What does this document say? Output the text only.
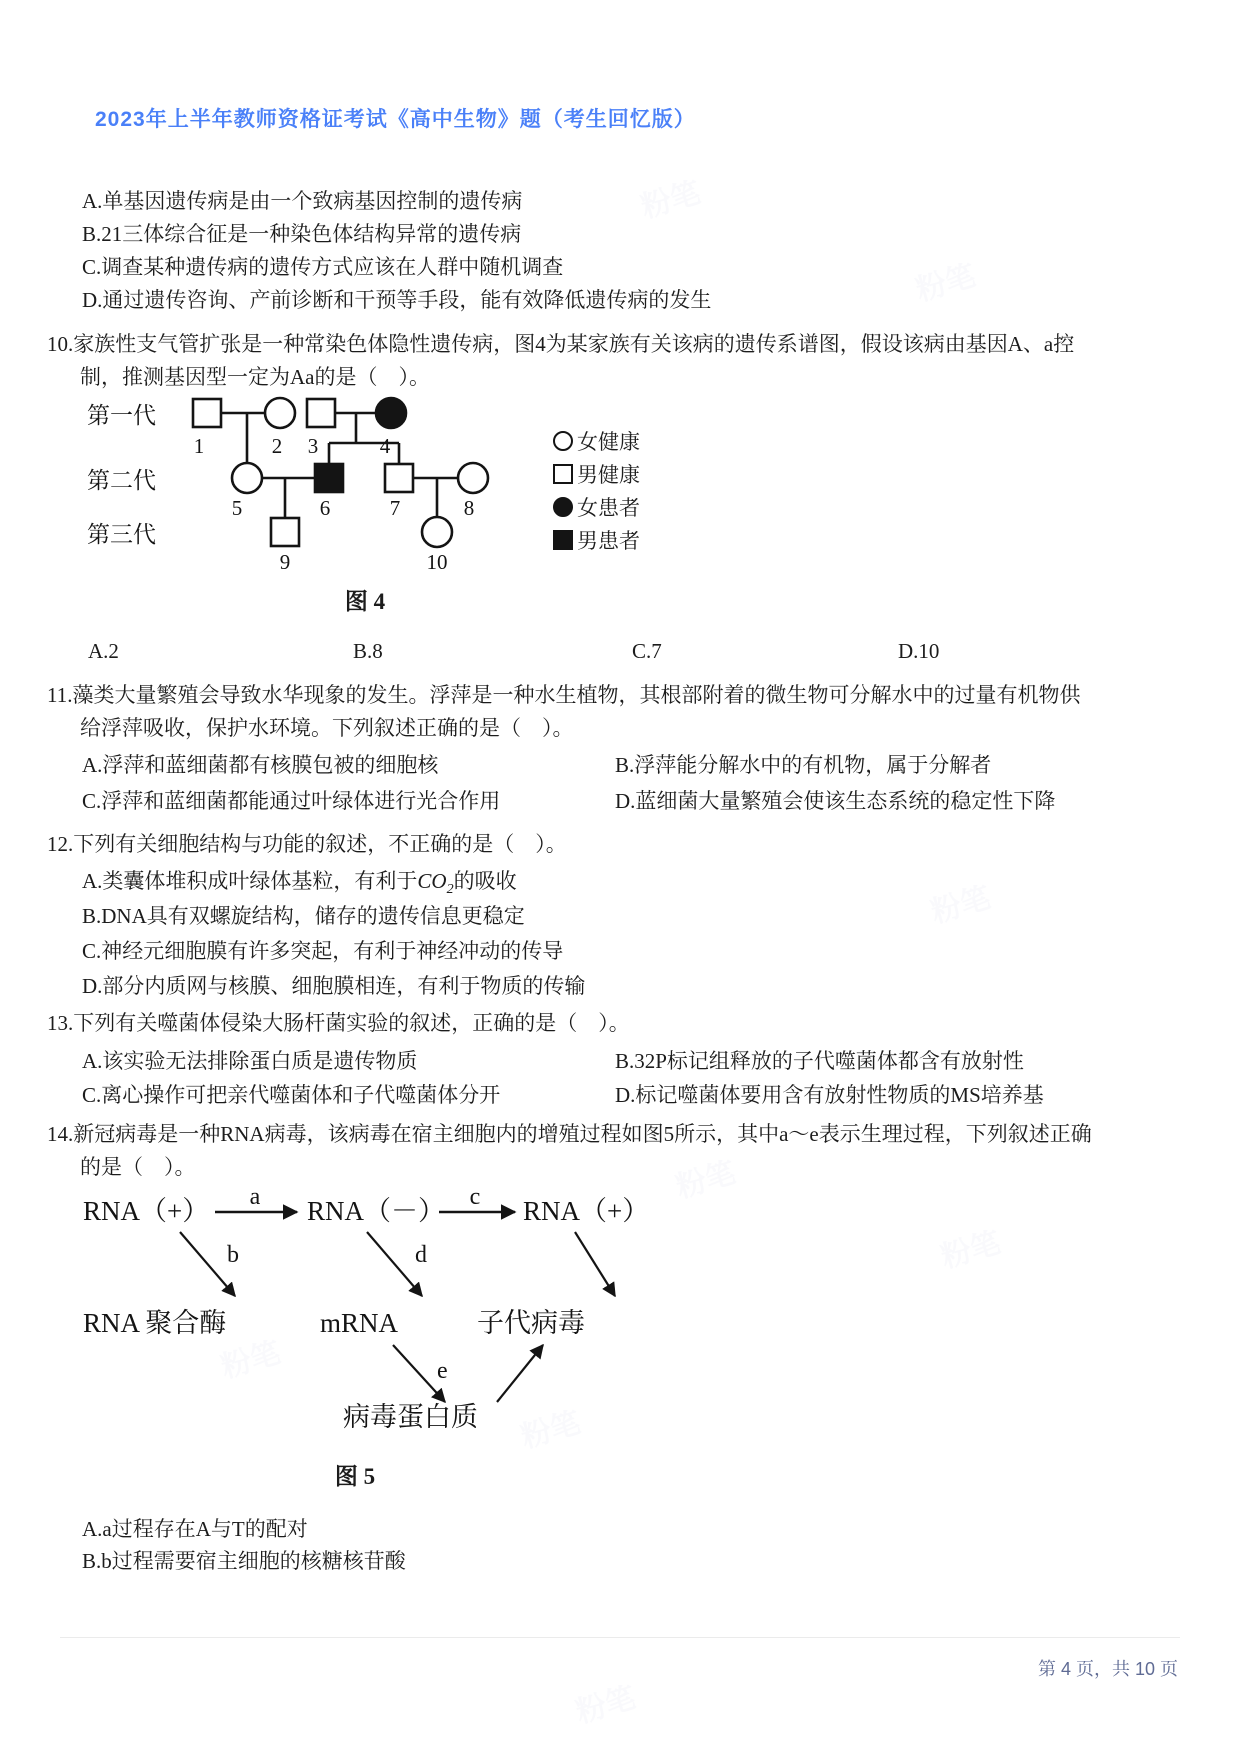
2023年上半年教师资格证考试《高中生物》题（考生回忆版）
A.单基因遗传病是由一个致病基因控制的遗传病
B.21三体综合征是一种染色体结构异常的遗传病
C.调查某种遗传病的遗传方式应该在人群中随机调查
D.通过遗传咨询、产前诊断和干预等手段，能有效降低遗传病的发生
10.家族性支气管扩张是一种常染色体隐性遗传病，图4为某家族有关该病的遗传系谱图，假设该病由基因A、a控
制，推测基因型一定为Aa的是（　）。
第一代
第二代
第三代
1	2 3	4
5	6	7	8
9	10
女健康
男健康
女患者
男患者
图 4
A.2	B.8	C.7	D.10
11.藻类大量繁殖会导致水华现象的发生。浮萍是一种水生植物，其根部附着的微生物可分解水中的过量有机物供
给浮萍吸收，保护水环境。下列叙述正确的是（　）。
A.浮萍和蓝细菌都有核膜包被的细胞核	B.浮萍能分解水中的有机物，属于分解者
C.浮萍和蓝细菌都能通过叶绿体进行光合作用	D.蓝细菌大量繁殖会使该生态系统的稳定性下降
12.下列有关细胞结构与功能的叙述，不正确的是（　）。
A.类囊体堆积成叶绿体基粒，有利于$CO_2$的吸收
B.DNA具有双螺旋结构，储存的遗传信息更稳定
C.神经元细胞膜有许多突起，有利于神经冲动的传导
D.部分内质网与核膜、细胞膜相连，有利于物质的传输
13.下列有关噬菌体侵染大肠杆菌实验的叙述，正确的是（　）。
A.该实验无法排除蛋白质是遗传物质	B.32P标记组释放的子代噬菌体都含有放射性
C.离心操作可把亲代噬菌体和子代噬菌体分开	D.标记噬菌体要用含有放射性物质的MS培养基
14.新冠病毒是一种RNA病毒，该病毒在宿主细胞内的增殖过程如图5所示，其中a～e表示生理过程，下列叙述正确
的是（　）。
RNA（+）	RNA（－）	RNA（+）
a	c
b	d
RNA 聚合酶	mRNA	子代病毒
e
病毒蛋白质
图 5
A.a过程存在A与T的配对
B.b过程需要宿主细胞的核糖核苷酸
第 4 页，共 10 页
